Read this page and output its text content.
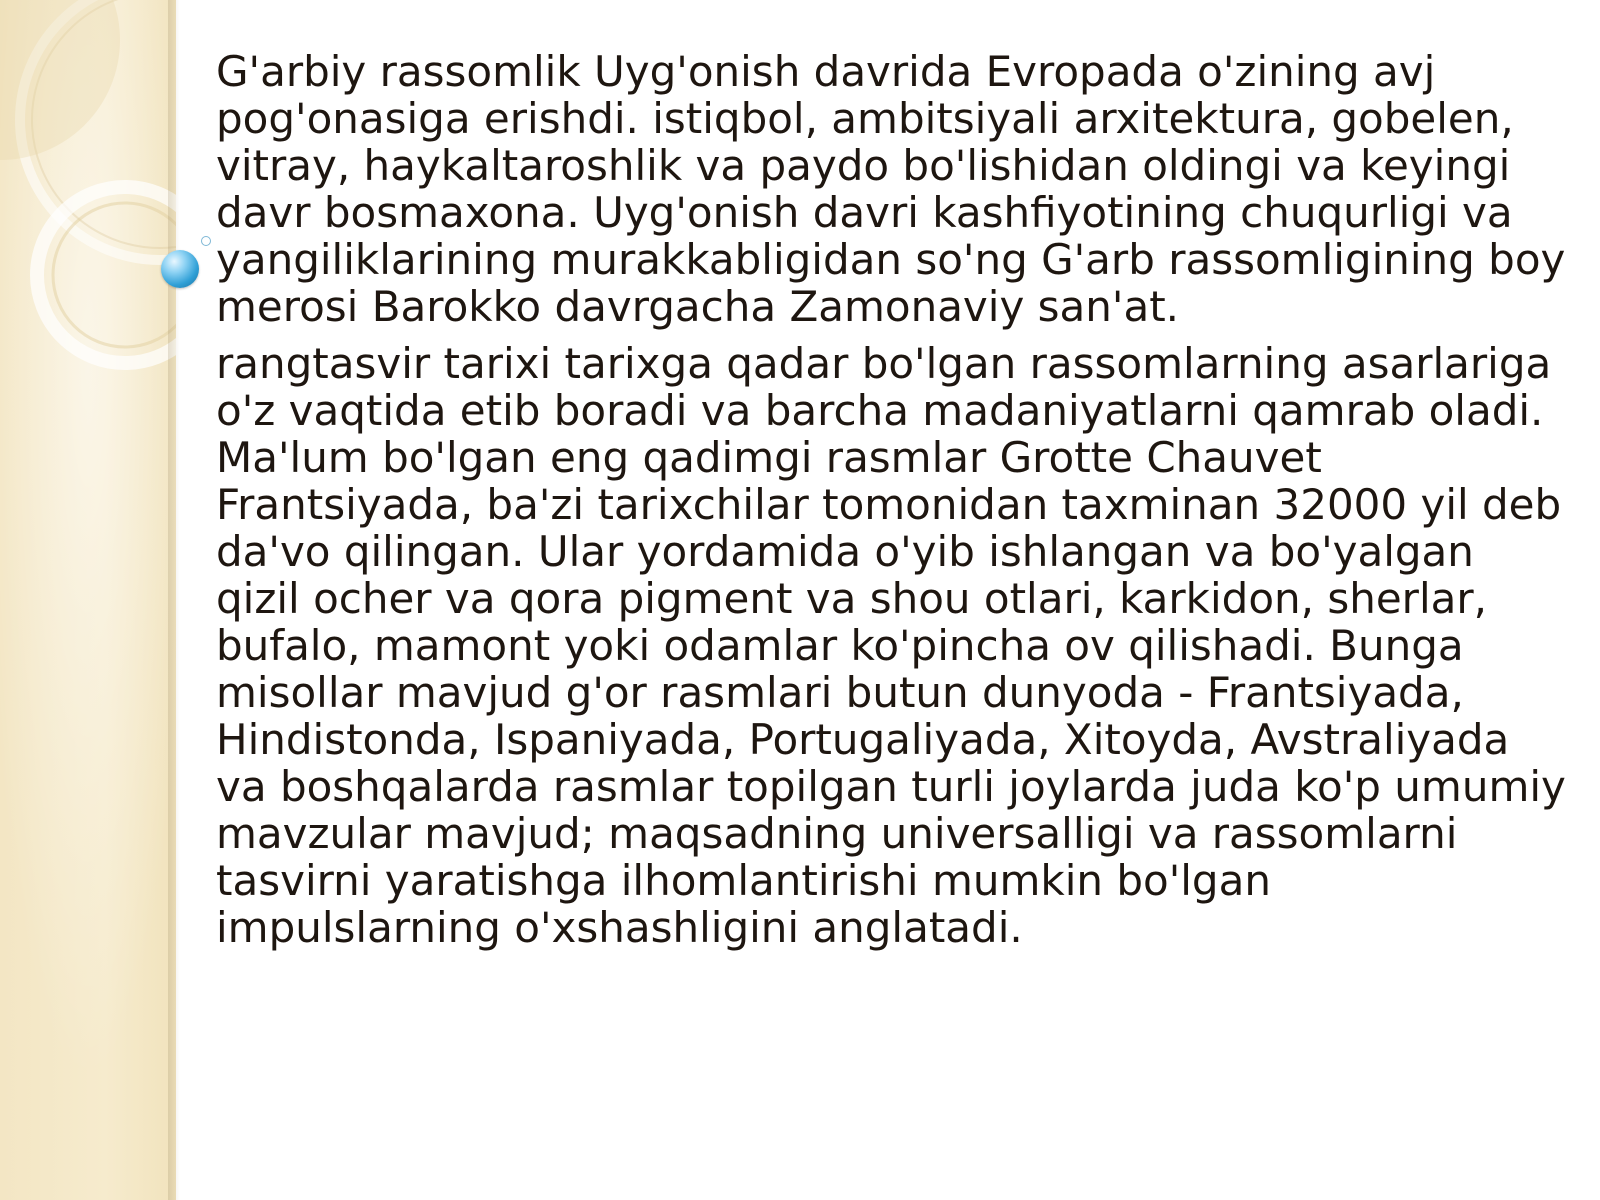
G'arbiy rassomlik Uyg'onish davrida Evropada o'zining avj pog'onasiga erishdi. istiqbol, ambitsiyali arxitektura, gobelen, vitray, haykaltaroshlik va paydo bo'lishidan oldingi va keyingi davr bosmaxona. Uyg'onish davri kashfiyotining chuqurligi va yangiliklarining murakkabligidan so'ng G'arb rassomligining boy merosi Barokko davrgacha Zamonaviy san'at.

rangtasvir tarixi tarixga qadar bo'lgan rassomlarning asarlariga o'z vaqtida etib boradi va barcha madaniyatlarni qamrab oladi. Ma'lum bo'lgan eng qadimgi rasmlar Grotte Chauvet Frantsiyada, ba'zi tarixchilar tomonidan taxminan 32000 yil deb da'vo qilingan. Ular yordamida o'yib ishlangan va bo'yalgan qizil ocher va qora pigment va shou otlari, karkidon, sherlar, bufalo, mamont yoki odamlar ko'pincha ov qilishadi. Bunga misollar mavjud g'or rasmlari butun dunyoda - Frantsiyada, Hindistonda, Ispaniyada, Portugaliyada, Xitoyda, Avstraliyada va boshqalarda rasmlar topilgan turli joylarda juda ko'p umumiy mavzular mavjud; maqsadning universalligi va rassomlarni tasvirni yaratishga ilhomlantirishi mumkin bo'lgan impulslarning o'xshashligini anglatadi.
